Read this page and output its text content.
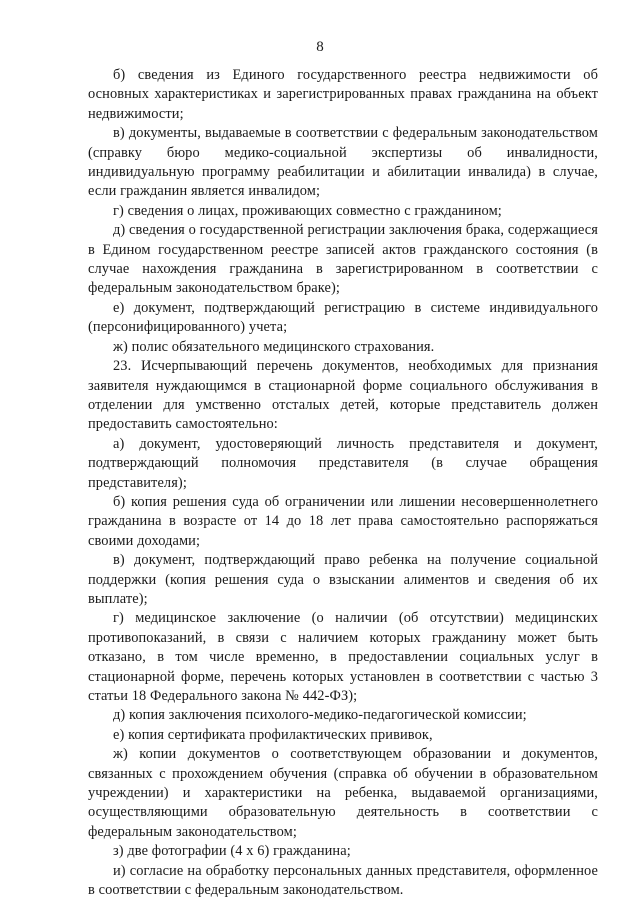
8

б) сведения из Единого государственного реестра недвижимости об основных характеристиках и зарегистрированных правах гражданина на объект недвижимости;

в) документы, выдаваемые в соответствии с федеральным законодательством (справку бюро медико-социальной экспертизы об инвалидности, индивидуальную программу реабилитации и абилитации инвалида) в случае, если гражданин является инвалидом;

г) сведения о лицах, проживающих совместно с гражданином;

д) сведения о государственной регистрации заключения брака, содержащиеся в Едином государственном реестре записей актов гражданского состояния (в случае нахождения гражданина в зарегистрированном в соответствии с федеральным законодательством браке);

е) документ, подтверждающий регистрацию в системе индивидуального (персонифицированного) учета;

ж) полис обязательного медицинского страхования.

23. Исчерпывающий перечень документов, необходимых для признания заявителя нуждающимся в стационарной форме социального обслуживания в отделении для умственно отсталых детей, которые представитель должен предоставить самостоятельно:

а) документ, удостоверяющий личность представителя и документ, подтверждающий полномочия представителя (в случае обращения представителя);

б) копия решения суда об ограничении или лишении несовершеннолетнего гражданина в возрасте от 14 до 18 лет права самостоятельно распоряжаться своими доходами;

в) документ, подтверждающий право ребенка на получение социальной поддержки (копия решения суда о взыскании алиментов и сведения об их выплате);

г) медицинское заключение (о наличии (об отсутствии) медицинских противопоказаний, в связи с наличием которых гражданину может быть отказано, в том числе временно, в предоставлении социальных услуг в стационарной форме, перечень которых установлен в соответствии с частью 3 статьи 18 Федерального закона № 442-ФЗ);

д) копия заключения психолого-медико-педагогической комиссии;

е) копия сертификата профилактических прививок,

ж) копии документов о соответствующем образовании и документов, связанных с прохождением обучения (справка об обучении в образовательном учреждении) и характеристики на ребенка, выдаваемой организациями, осуществляющими образовательную деятельность в соответствии с федеральным законодательством;

з) две фотографии (4 х 6) гражданина;

и) согласие на обработку персональных данных представителя, оформленное в соответствии с федеральным законодательством.
